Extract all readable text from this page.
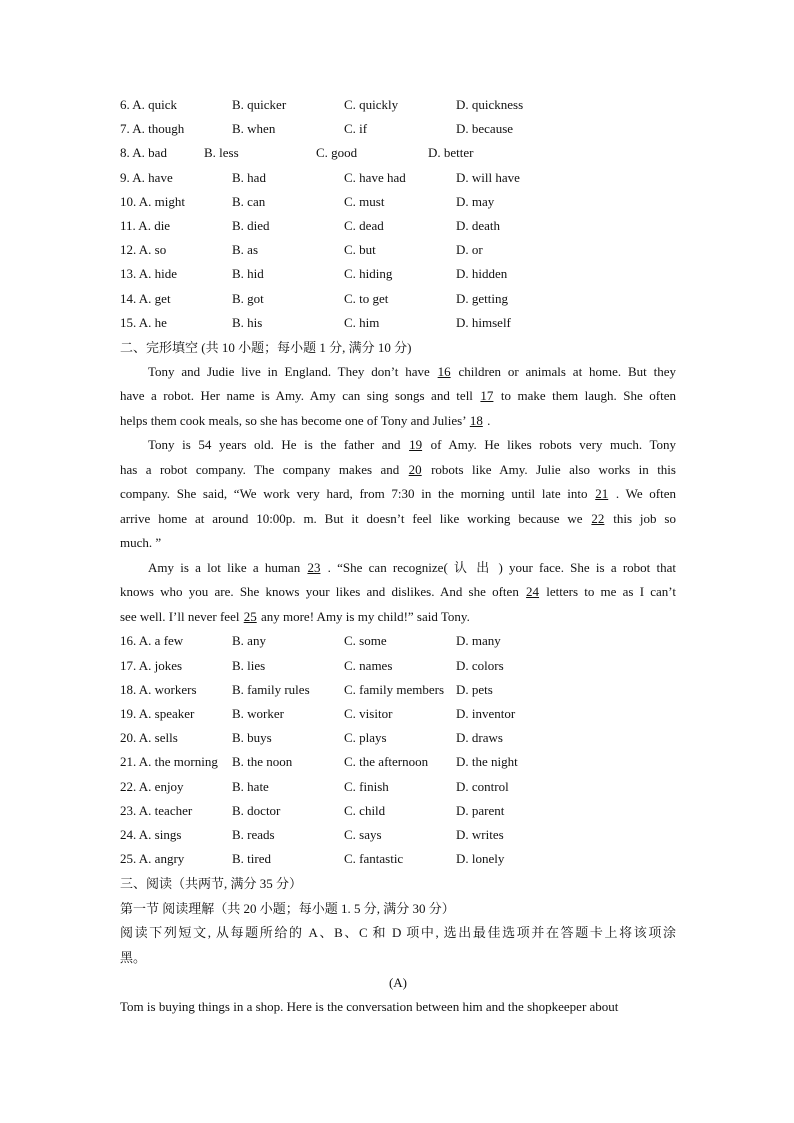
6. A. quick	B. quicker	C. quickly	D. quickness
7. A. though	B. when	C. if	D. because
8. A. bad	B. less	C. good	D. better
9. A. have	B. had	C. have had	D. will have
10. A. might	B. can	C. must	D. may
11. A. die	B. died	C. dead	D. death
12. A. so	B. as	C. but	D. or
13. A. hide	B. hid	C. hiding	D. hidden
14. A. get	B. got	C. to get	D. getting
15. A. he	B. his	C. him	D. himself
二、完形填空 (共 10 小题；每小题 1 分, 满分 10 分)
Tony and Judie live in England. They don’t have 16 children or animals at home. But they
have a robot. Her name is Amy. Amy can sing songs and tell 17 to make them laugh. She often
helps them cook meals, so she has become one of Tony and Julies’ 18 .
Tony is 54 years old. He is the father and 19 of Amy. He likes robots very much. Tony
has a robot company. The company makes and 20 robots like Amy. Julie also works in this
company. She said, “We work very hard, from 7:30 in the morning until late into 21 . We often
arrive home at around 10:00p. m. But it doesn’t feel like working because we 22 this job so
much. ”
Amy is a lot like a human 23 . “She can recognize( 认 出 ) your face. She is a robot that
knows who you are. She knows your likes and dislikes. And she often 24 letters to me as I can’t
see well. I’ll never feel 25 any more! Amy is my child!” said Tony.
16. A. a few	B. any	C. some	D. many
17. A. jokes	B. lies	C. names	D. colors
18. A. workers	B. family rules	C. family members D. pets
19. A. speaker	B. worker	C. visitor	D. inventor
20. A. sells	B. buys	C. plays	D. draws
21. A. the morning B. the noon	C. the afternoon D. the night
22. A. enjoy	B. hate	C. finish	D. control
23. A. teacher	B. doctor	C. child	D. parent
24. A. sings	B. reads	C. says	D. writes
25. A. angry	B. tired	C. fantastic	D. lonely
三、阅读（共两节, 满分 35 分）
第一节 阅读理解（共 20 小题；每小题 1. 5 分, 满分 30 分）
阅读下列短文, 从每题所给的 A、B、C 和 D 项中, 选出最佳选项并在答题卡上将该项涂
黑。
(A)
Tom is buying things in a shop. Here is the conversation between him and the shopkeeper about
